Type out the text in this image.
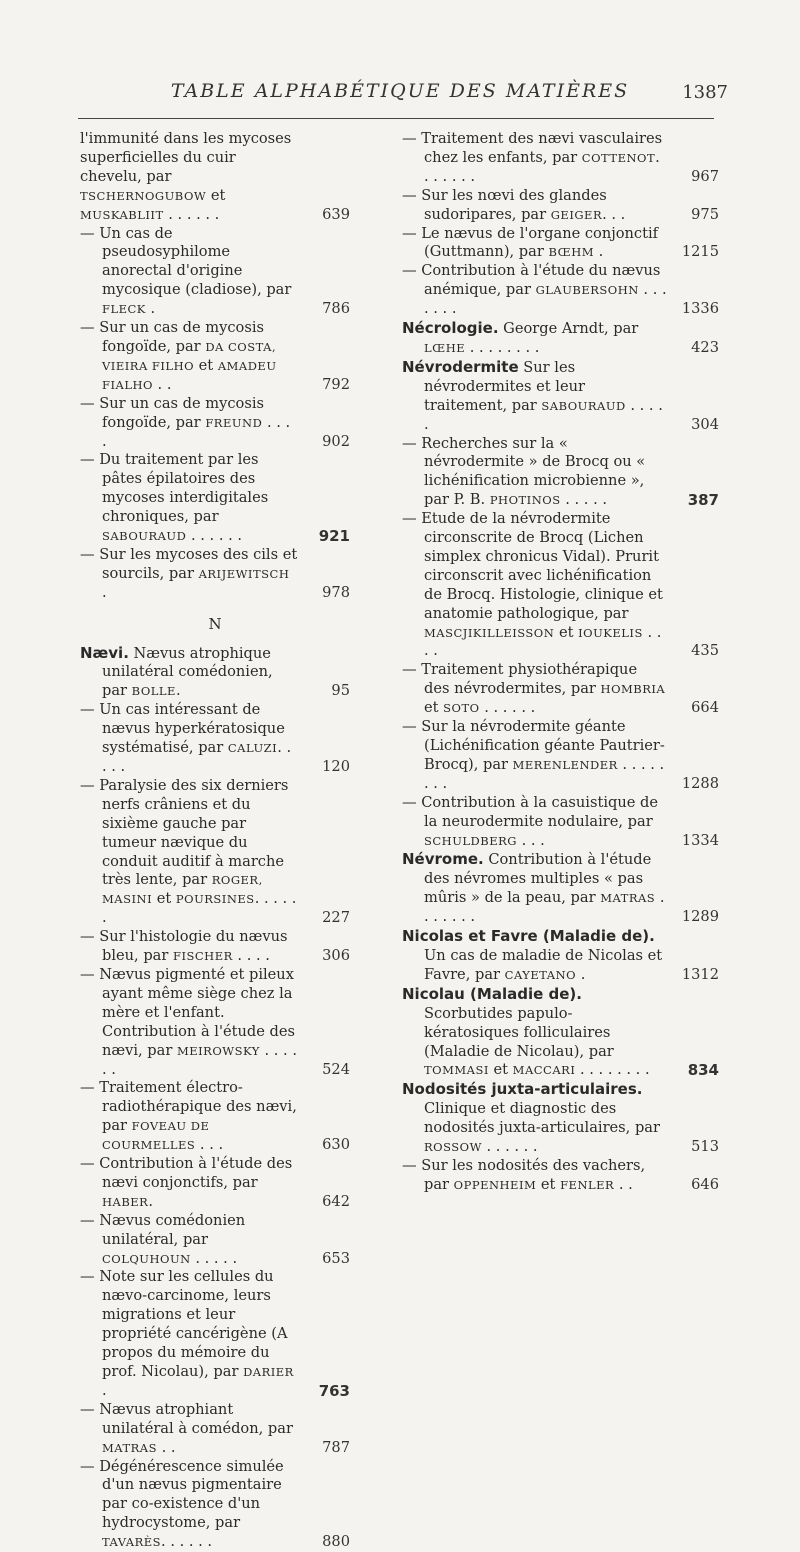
TABLE ALPHABÉTIQUE DES MATIÈRES	1387

l'immunité dans les mycoses superficielles du cuir chevelu, par TSCHERNOGUBOW et MUSKABLIIT . . . . . .	639

— Un cas de pseudosyphilome anorectal d'origine mycosique (cladiose), par FLECK .	786

— Sur un cas de mycosis fongoïde, par DA COSTA, VIEIRA FILHO et AMADEU FIALHO . .	792

— Sur un cas de mycosis fongoïde, par FREUND . . . .	902

— Du traitement par les pâtes épilatoires des mycoses interdigitales chroniques, par SABOURAUD . . . . . .	921

— Sur les mycoses des cils et sourcils, par ARIJEWITSCH .	978
N

Nævi. Nævus atrophique unilatéral comédonien, par BOLLE.	95

— Un cas intéressant de nævus hyperkératosique systématisé, par CALUZI. . . . .	120

— Paralysie des six derniers nerfs crâniens et du sixième gauche par tumeur nævique du conduit auditif à marche très lente, par ROGER, MASINI et POURSINES. . . . . .	227

— Sur l'histologie du nævus bleu, par FISCHER . . . .	306

— Nævus pigmenté et pileux ayant même siège chez la mère et l'enfant. Contribution à l'étude des nævi, par MEIROWSKY . . . . . .	524

— Traitement électro-radiothérapique des nævi, par FOVEAU DE COURMELLES . . .	630

— Contribution à l'étude des nævi conjonctifs, par HABER.	642

— Nævus comédonien unilatéral, par COLQUHOUN . . . . .	653

— Note sur les cellules du nævo-carcinome, leurs migrations et leur propriété cancérigène (A propos du mémoire du prof. Nicolau), par DARIER .	763

— Nævus atrophiant unilatéral à comédon, par MATRAS . .	787

— Dégénérescence simulée d'un nævus pigmentaire par co-existence d'un hydrocystome, par TAVARÈS. . . . . .	880

— Traitement des nævi vasculaires chez les enfants, par COTTENOT. . . . . . .	967

— Sur les nœvi des glandes sudoripares, par GEIGER. . .	975

— Le nævus de l'organe conjonctif (Guttmann), par BŒHM .	1215

— Contribution à l'étude du nævus anémique, par GLAUBERSOHN . . . . . . .	1336

Nécrologie. George Arndt, par LŒHE . . . . . . . .	423

Névrodermite Sur les névrodermites et leur traitement, par SABOURAUD . . . . .	304

— Recherches sur la « névrodermite » de Brocq ou « lichénification microbienne », par P. B. PHOTINOS . . . . .	387

— Etude de la névrodermite circonscrite de Brocq (Lichen simplex chronicus Vidal). Prurit circonscrit avec lichénification de Brocq. Histologie, clinique et anatomie pathologique, par MASCJIKILLEISSON et IOUKELIS . . . .	435

— Traitement physiothérapique des névrodermites, par HOMBRIA et SOTO . . . . . .	664

— Sur la névrodermite géante (Lichénification géante Pautrier-Brocq), par MERENLENDER . . . . . . . .	1288

— Contribution à la casuistique de la neurodermite nodulaire, par SCHULDBERG . . .	1334

Névrome. Contribution à l'étude des névromes multiples « pas mûris » de la peau, par MATRAS . . . . . . .	1289

Nicolas et Favre (Maladie de). Un cas de maladie de Nicolas et Favre, par CAYETANO .	1312

Nicolau (Maladie de). Scorbutides papulo-kératosiques folliculaires (Maladie de Nicolau), par TOMMASI et MACCARI . . . . . . . .	834

Nodosités juxta-articulaires. Clinique et diagnostic des nodosités juxta-articulaires, par ROSSOW . . . . . .	513

— Sur les nodosités des vachers, par OPPENHEIM et FENLER . .	646
